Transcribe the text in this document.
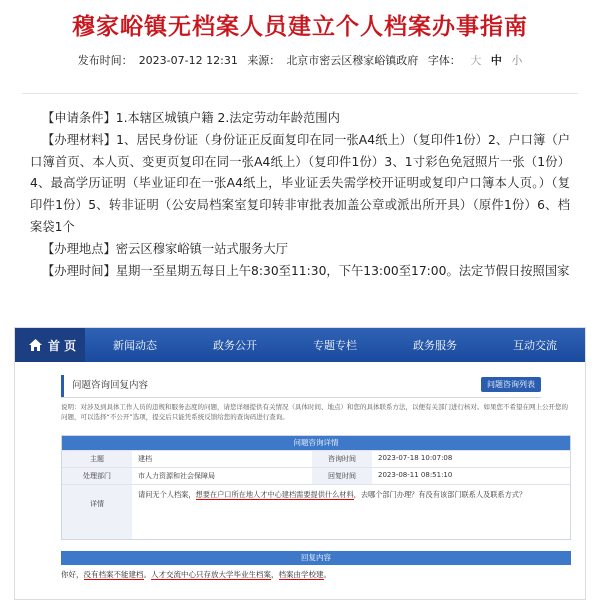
穆家峪镇无档案人员建立个人档案办事指南
发布时间： 2023-07-12 12:31 来源： 北京市密云区穆家峪镇政府 字体： 大 中 小

【申请条件】1.本辖区城镇户籍 2.法定劳动年龄范围内

【办理材料】1、居民身份证（身份证正反面复印在同一张A4纸上）（复印件1份）2、户口簿（户口簿首页、本人页、变更页复印在同一张A4纸上）（复印件1份）3、1寸彩色免冠照片一张（1份）4、最高学历证明（毕业证印在一张A4纸上，毕业证丢失需学校开证明或复印户口簿本人页。）（复印件1份）5、转非证明（公安局档案室复印转非审批表加盖公章或派出所开具）（原件1份）6、档案袋1个

【办理地点】密云区穆家峪镇一站式服务大厅

【办理时间】星期一至星期五每日上午8:30至11:30，下午13:00至17:00。法定节假日按照国家

首 页	新闻动态	政务公开	专题专栏	政务服务	互动交流
问题咨询回复内容	问题咨询列表
说明：对涉及到具体工作人员的违规和服务态度的问题，请您详细提供有关情况（具体时间、地点）和您的具体联系方法，以便有关部门进行核对。如果您不希望在网上公开您的问题，可以选择“不公开”选项，提交后只能凭系统反馈给您的查询码进行查询。
问题咨询详情
主题	建档	咨询时间	2023-07-18 10:07:08
处理部门	市人力资源和社会保障局	回复时间	2023-08-11 08:51:10
详情
请问无个人档案，想要在户口所在地人才中心建档需要提供什么材料，去哪个部门办理？有没有该部门联系人及联系方式？
回复内容
你好，没有档案不能建档。人才交流中心只存放大学毕业生档案，档案由学校建。
